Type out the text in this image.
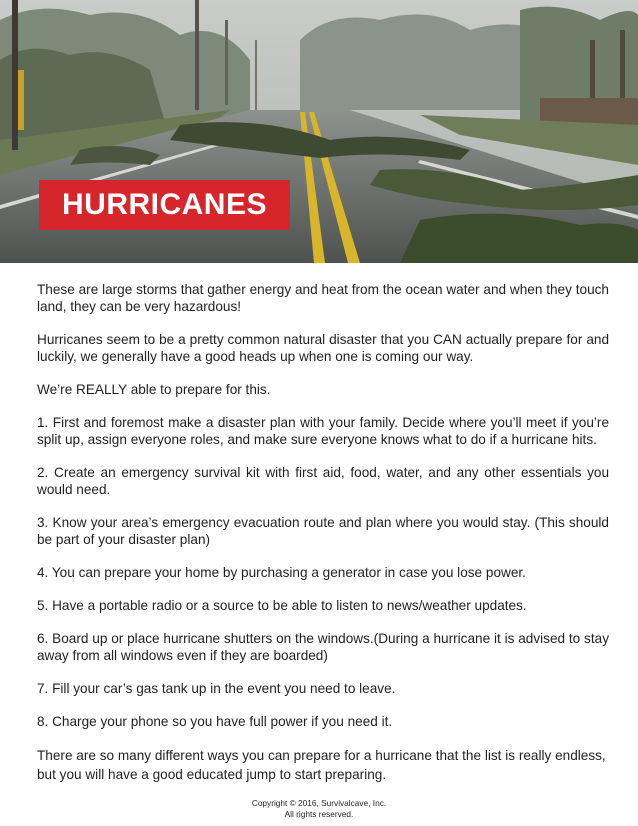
HURRICANES

These are large storms that gather energy and heat from the ocean water and when they touch land, they can be very hazardous!

Hurricanes seem to be a pretty common natural disaster that you CAN actually prepare for and luckily, we generally have a good heads up when one is coming our way.

We’re REALLY able to prepare for this.

1. First and foremost make a disaster plan with your family. Decide where you’ll meet if you’re split up, assign everyone roles, and make sure everyone knows what to do if a hurricane hits.

2. Create an emergency survival kit with first aid, food, water, and any other essentials you would need.

3. Know your area’s emergency evacuation route and plan where you would stay. (This should be part of your disaster plan)

4. You can prepare your home by purchasing a generator in case you lose power.

5. Have a portable radio or a source to be able to listen to news/weather updates.

6. Board up or place hurricane shutters on the windows.(During a hurricane it is advised to stay away from all windows even if they are boarded)

7. Fill your car’s gas tank up in the event you need to leave.

8. Charge your phone so you have full power if you need it.

There are so many different ways you can prepare for a hurricane that the list is really endless, but you will have a good educated jump to start preparing.

Copyright © 2016, Survivalcave, Inc.
All rights reserved.
